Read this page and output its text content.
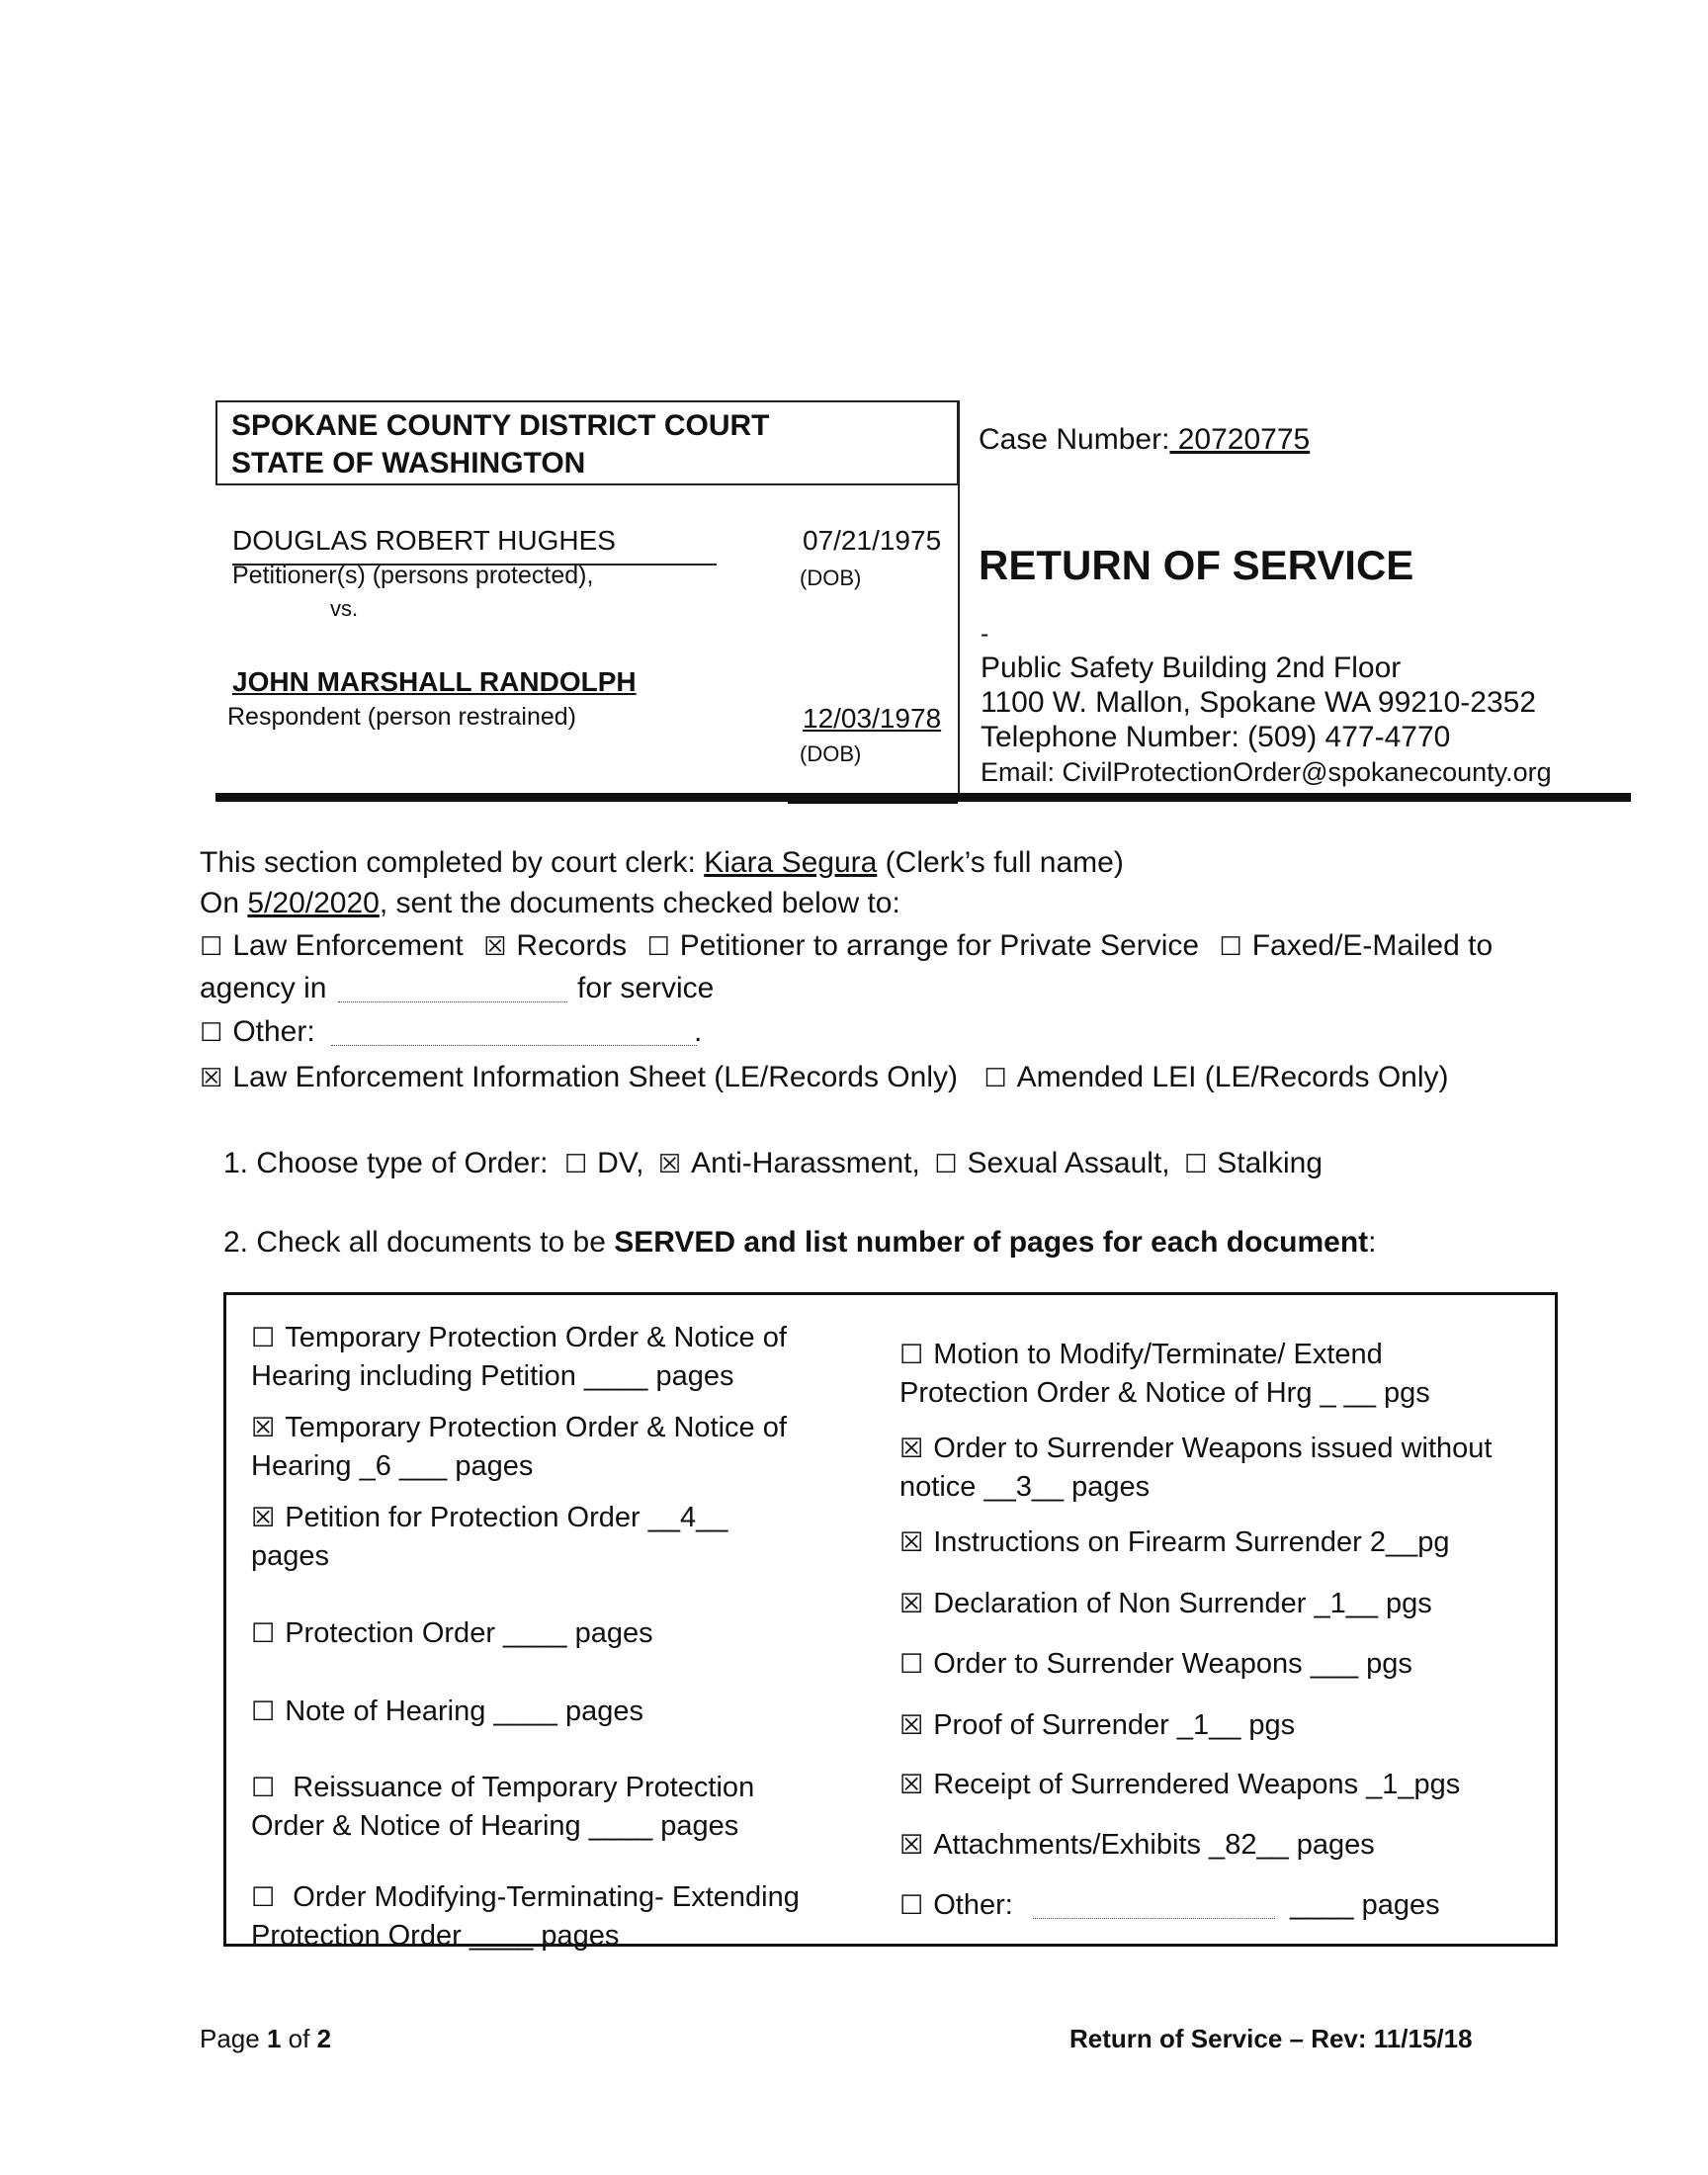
SPOKANE COUNTY DISTRICT COURT
STATE OF WASHINGTON
Case Number: 20720775
DOUGLAS ROBERT HUGHES	07/21/1975
Petitioner(s) (persons protected),	(DOB)
vs.
JOHN MARSHALL RANDOLPH
Respondent (person restrained)	12/03/1978
(DOB)
RETURN OF SERVICE
-
Public Safety Building 2nd Floor
1100 W. Mallon, Spokane WA 99210-2352
Telephone Number: (509) 477-4770
Email: CivilProtectionOrder@spokanecounty.org
This section completed by court clerk: Kiara Segura (Clerk’s full name)
On 5/20/2020, sent the documents checked below to:
☐ Law Enforcement ☒ Records ☐ Petitioner to arrange for Private Service ☐ Faxed/E-Mailed to
agency in	for service
☐ Other:	.
☒ Law Enforcement Information Sheet (LE/Records Only) ☐ Amended LEI (LE/Records Only)
1. Choose type of Order: ☐ DV, ☒ Anti-Harassment, ☐ Sexual Assault, ☐ Stalking
2. Check all documents to be SERVED and list number of pages for each document:
☐ Temporary Protection Order & Notice of
Hearing including Petition ____ pages
☒ Temporary Protection Order & Notice of
Hearing _6 ___ pages
☒ Petition for Protection Order __4__
pages
☐ Protection Order ____ pages
☐ Note of Hearing ____ pages
☐ Reissuance of Temporary Protection
Order & Notice of Hearing ____ pages
☐ Order Modifying-Terminating- Extending
Protection Order ____ pages
☐ Motion to Modify/Terminate/ Extend
Protection Order & Notice of Hrg _ __ pgs
☒ Order to Surrender Weapons issued without
notice __3__ pages
☒ Instructions on Firearm Surrender 2__pg
☒ Declaration of Non Surrender _1__ pgs
☐ Order to Surrender Weapons ___ pgs
☒ Proof of Surrender _1__ pgs
☒ Receipt of Surrendered Weapons _1_pgs
☒ Attachments/Exhibits _82__ pages
☐ Other:	____ pages
Page 1 of 2	Return of Service – Rev: 11/15/18
